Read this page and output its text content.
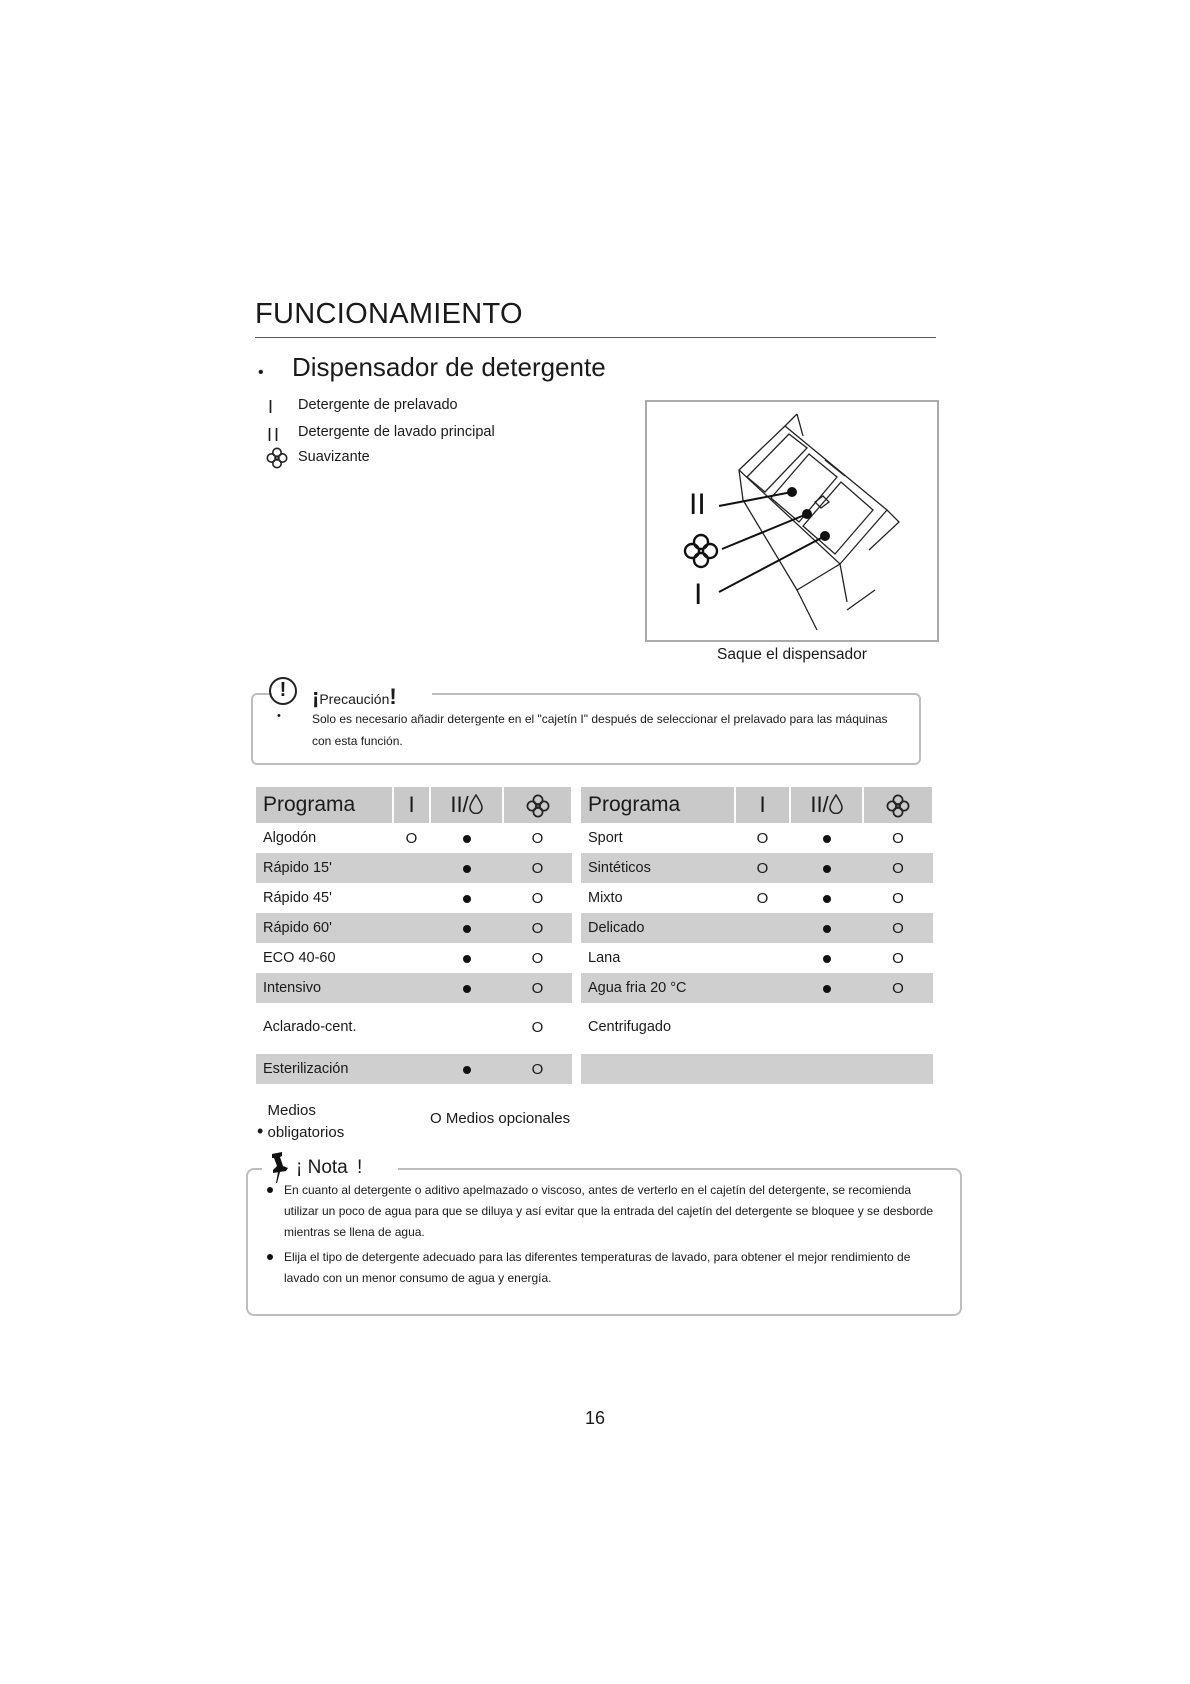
FUNCIONAMIENTO
• Dispensador de detergente
I Detergente de prelavado
II Detergente de lavado principal
Suavizante
II
I
Saque el dispensador
!	¡Precaución!
•	Solo es necesario añadir detergente en el "cajetín I" después de seleccionar el prelavado para las máquinas con esta función.
Programa	I	II/	
Algodón	O		O
Rápido 15'			O
Rápido 45'			O
Rápido 60'			O
ECO 40-60			O
Intensivo			O
Aclarado-cent.			O

Esterilización			O
Programa	I	II/	
Sport	O		O
Sintéticos	O		O
Mixto	O		O
Delicado			O
Lana			O
Agua fria 20 °C			O
Centrifugado			

• Medios obligatorios
O Medios opcionales
¡ Nota !
En cuanto al detergente o aditivo apelmazado o viscoso, antes de verterlo en el cajetín del detergente, se recomienda utilizar un poco de agua para que se diluya y así evitar que la entrada del cajetín del detergente se bloquee y se desborde mientras se llena de agua.
Elija el tipo de detergente adecuado para las diferentes temperaturas de lavado, para obtener el mejor rendimiento de lavado con un menor consumo de agua y energía.
16
